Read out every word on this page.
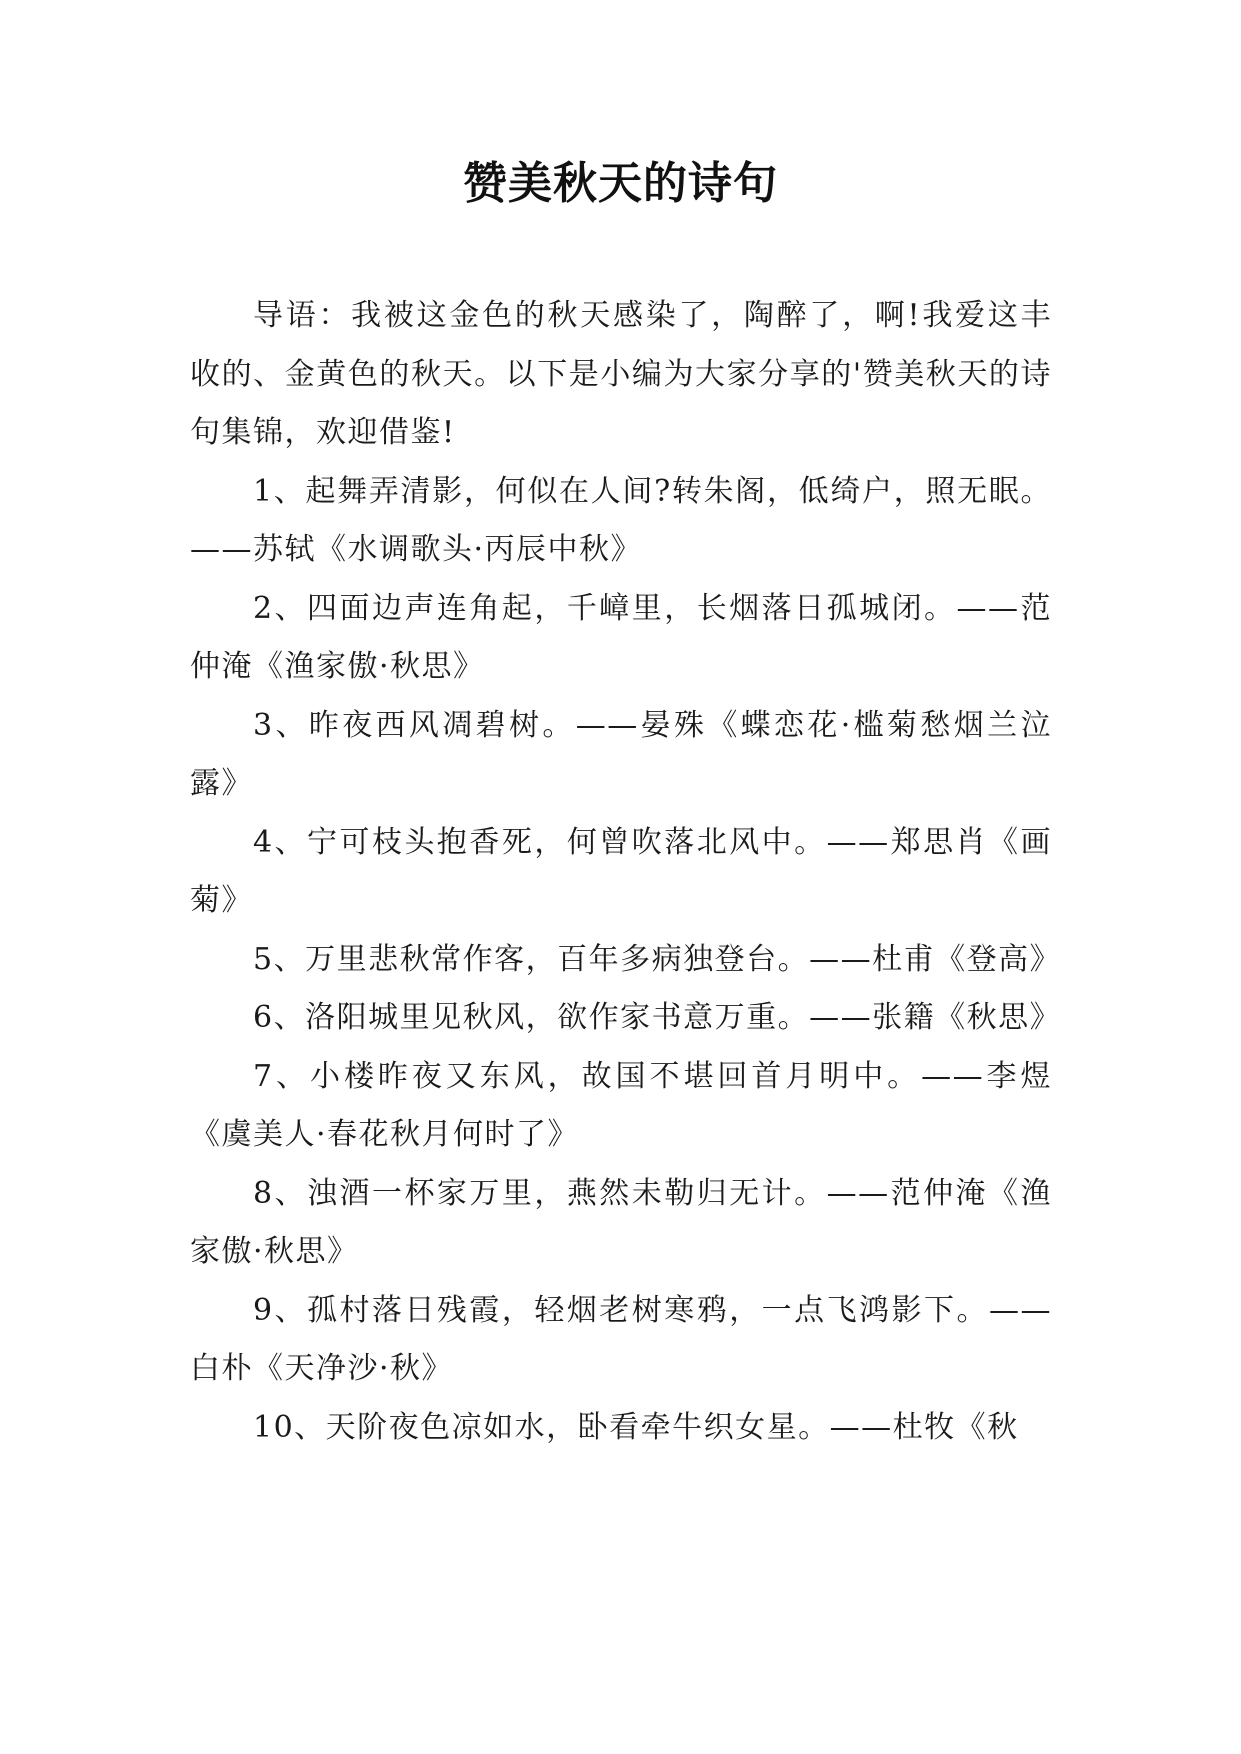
赞美秋天的诗句

导语：我被这金色的秋天感染了，陶醉了，啊!我爱这丰收的、金黄色的秋天。以下是小编为大家分享的'赞美秋天的诗句集锦，欢迎借鉴!

1、起舞弄清影，何似在人间?转朱阁，低绮户，照无眠。——苏轼《水调歌头·丙辰中秋》

2、四面边声连角起，千嶂里，长烟落日孤城闭。——范仲淹《渔家傲·秋思》

3、昨夜西风凋碧树。——晏殊《蝶恋花·槛菊愁烟兰泣露》

4、宁可枝头抱香死，何曾吹落北风中。——郑思肖《画菊》

5、万里悲秋常作客，百年多病独登台。——杜甫《登高》

6、洛阳城里见秋风，欲作家书意万重。——张籍《秋思》

7、小楼昨夜又东风，故国不堪回首月明中。——李煜《虞美人·春花秋月何时了》

8、浊酒一杯家万里，燕然未勒归无计。——范仲淹《渔家傲·秋思》

9、孤村落日残霞，轻烟老树寒鸦，一点飞鸿影下。——白朴《天净沙·秋》

10、天阶夜色凉如水，卧看牵牛织女星。——杜牧《秋
